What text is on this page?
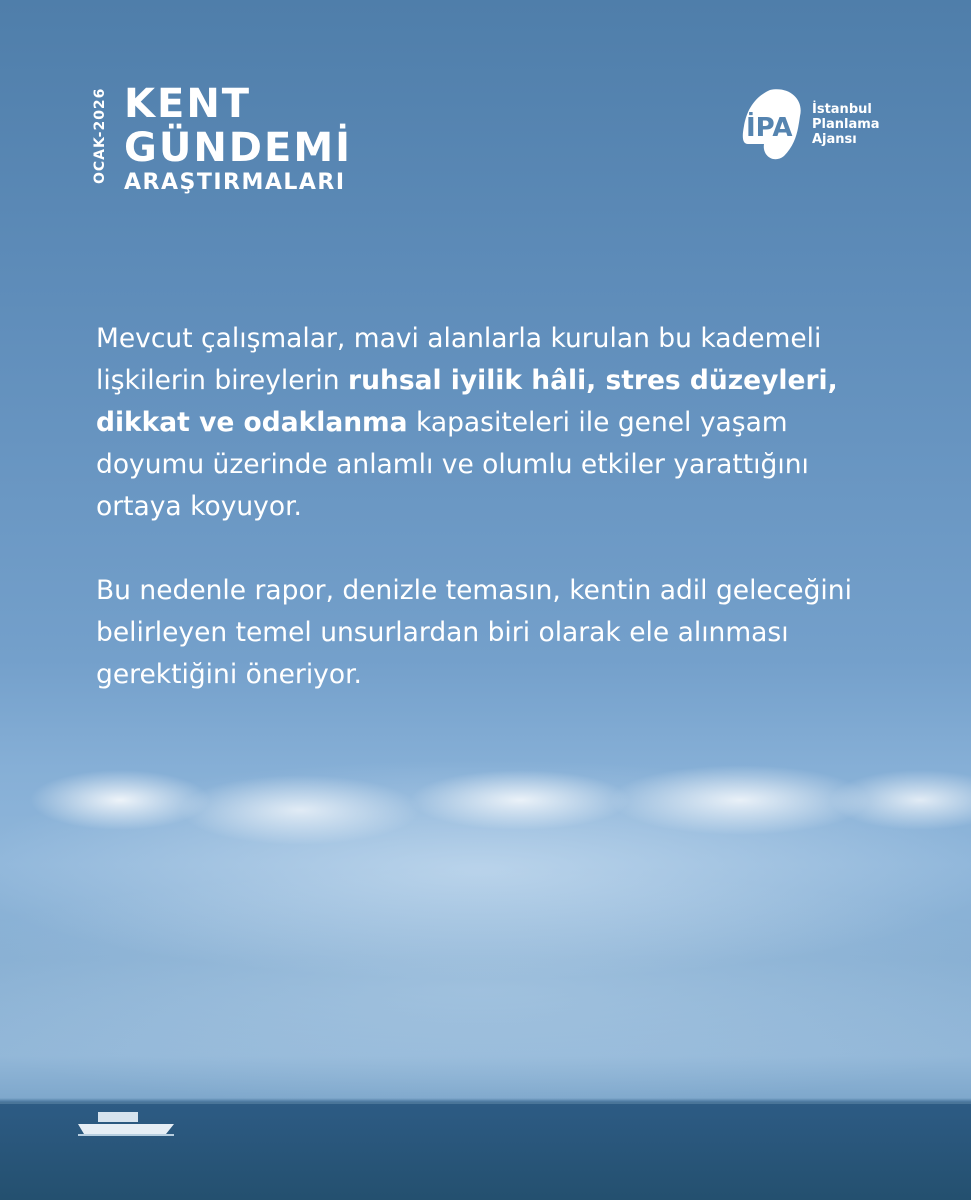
OCAK-2026 KENT
GÜNDEMİ
ARAŞTIRMALARI
İPA
İstanbul
Planlama
Ajansı

Mevcut çalışmalar, mavi alanlarla kurulan bu kademeli lişkilerin bireylerin ruhsal iyilik hâli, stres düzeyleri, dikkat ve odaklanma kapasiteleri ile genel yaşam doyumu üzerinde anlamlı ve olumlu etkiler yarattığını ortaya koyuyor.

Bu nedenle rapor, denizle temasın, kentin adil geleceğini belirleyen temel unsurlardan biri olarak ele alınması gerektiğini öneriyor.
